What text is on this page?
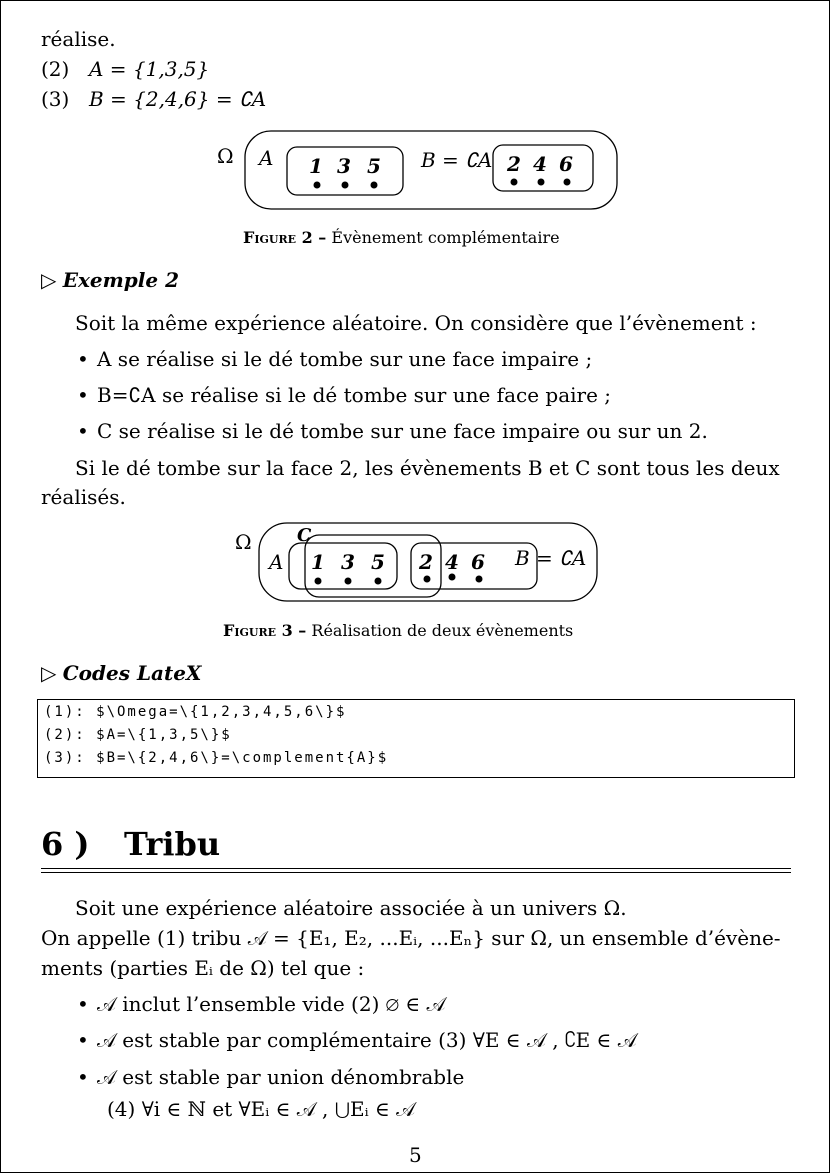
réalise.
(2) A = {1,3,5}
(3) B = {2,4,6} = ∁A
Ω A 1 3 5 B = ∁A 2 4 6
Figure 2 – Évènement complémentaire
▷ Exemple 2
Soit la même expérience aléatoire. On considère que l’évènement :
• A se réalise si le dé tombe sur une face impaire ;
• B=∁A se réalise si le dé tombe sur une face paire ;
• C se réalise si le dé tombe sur une face impaire ou sur un 2.
Si le dé tombe sur la face 2, les évènements B et C sont tous les deux
réalisés.
Ω	C
A 1 3 5 2 4 6 B = ∁A
Figure 3 – Réalisation de deux évènements
▷ Codes LateX
(1): $\Omega=\{1,2,3,4,5,6\}$
(2): $A=\{1,3,5\}$
(3): $B=\{2,4,6\}=\complement{A}$
6 ) Tribu
Soit une expérience aléatoire associée à un univers Ω.
On appelle (1) tribu 𝒜 = {E₁, E₂, ...Eᵢ, ...Eₙ} sur Ω, un ensemble d’évène-
ments (parties Eᵢ de Ω) tel que :
• 𝒜 inclut l’ensemble vide (2) ∅ ∈ 𝒜
• 𝒜 est stable par complémentaire (3) ∀E ∈ 𝒜 , ∁E ∈ 𝒜
• 𝒜 est stable par union dénombrable
(4) ∀i ∈ ℕ et ∀Eᵢ ∈ 𝒜 , ⋃Eᵢ ∈ 𝒜
5
